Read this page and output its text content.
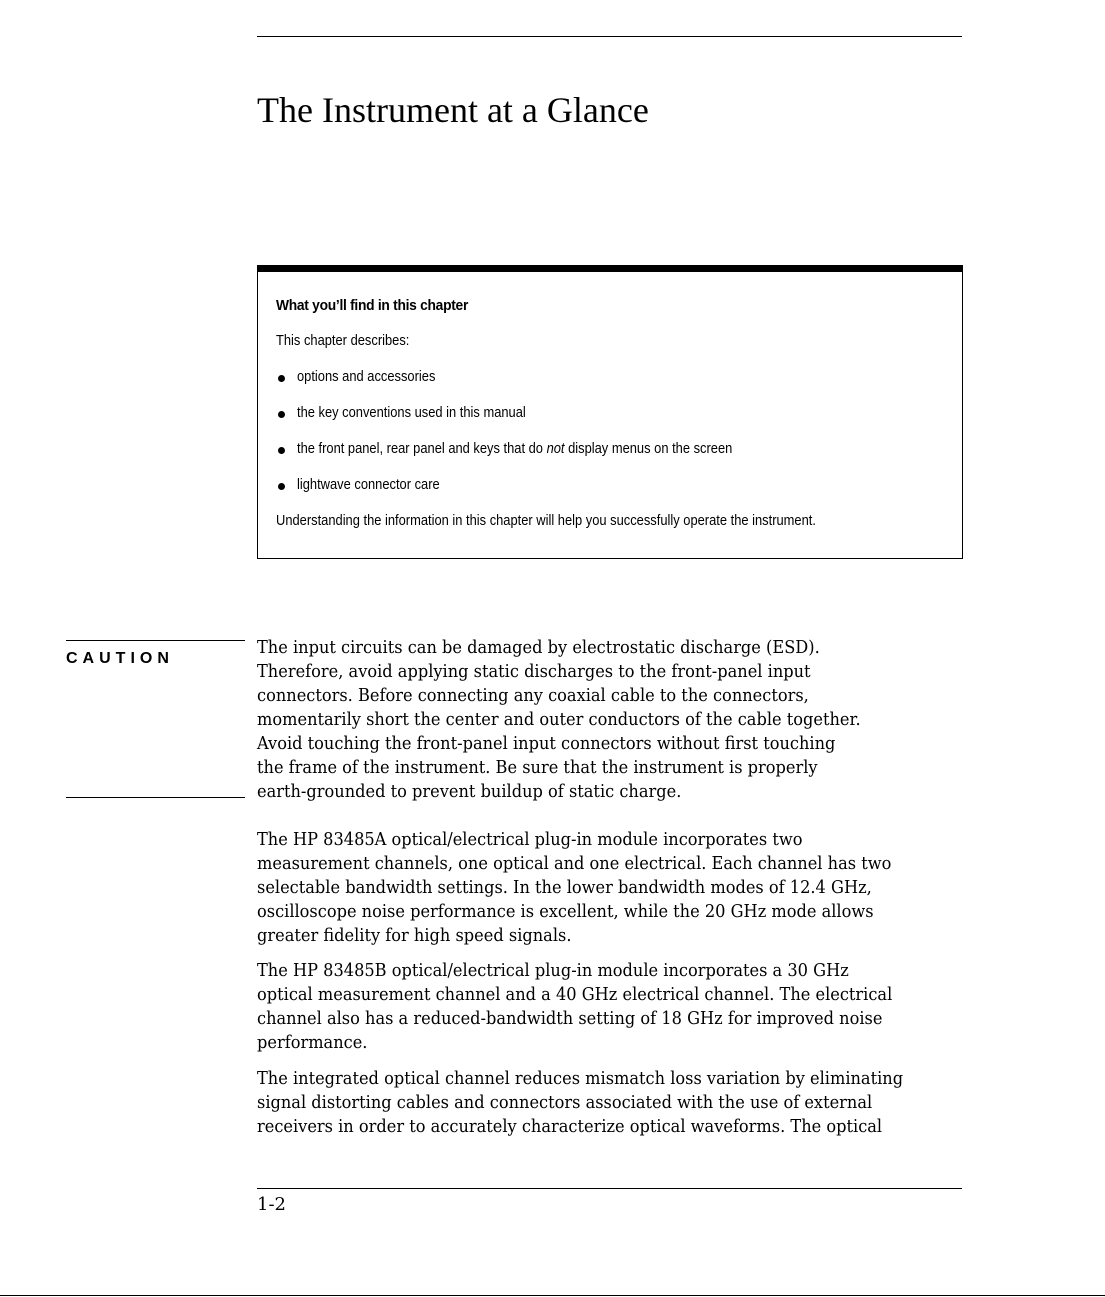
The Instrument at a Glance
What you’ll find in this chapter
This chapter describes:
options and accessories
the key conventions used in this manual
the front panel, rear panel and keys that do not display menus on the screen
lightwave connector care
Understanding the information in this chapter will help you successfully operate the instrument.
CAUTION
The input circuits can be damaged by electrostatic discharge (ESD).
Therefore, avoid applying static discharges to the front-panel input
connectors. Before connecting any coaxial cable to the connectors,
momentarily short the center and outer conductors of the cable together.
Avoid touching the front-panel input connectors without first touching
the frame of the instrument. Be sure that the instrument is properly
earth-grounded to prevent buildup of static charge.
The HP 83485A optical/electrical plug-in module incorporates two
measurement channels, one optical and one electrical. Each channel has two
selectable bandwidth settings. In the lower bandwidth modes of 12.4 GHz,
oscilloscope noise performance is excellent, while the 20 GHz mode allows
greater fidelity for high speed signals.
The HP 83485B optical/electrical plug-in module incorporates a 30 GHz
optical measurement channel and a 40 GHz electrical channel. The electrical
channel also has a reduced-bandwidth setting of 18 GHz for improved noise
performance.
The integrated optical channel reduces mismatch loss variation by eliminating
signal distorting cables and connectors associated with the use of external
receivers in order to accurately characterize optical waveforms. The optical
1-2
